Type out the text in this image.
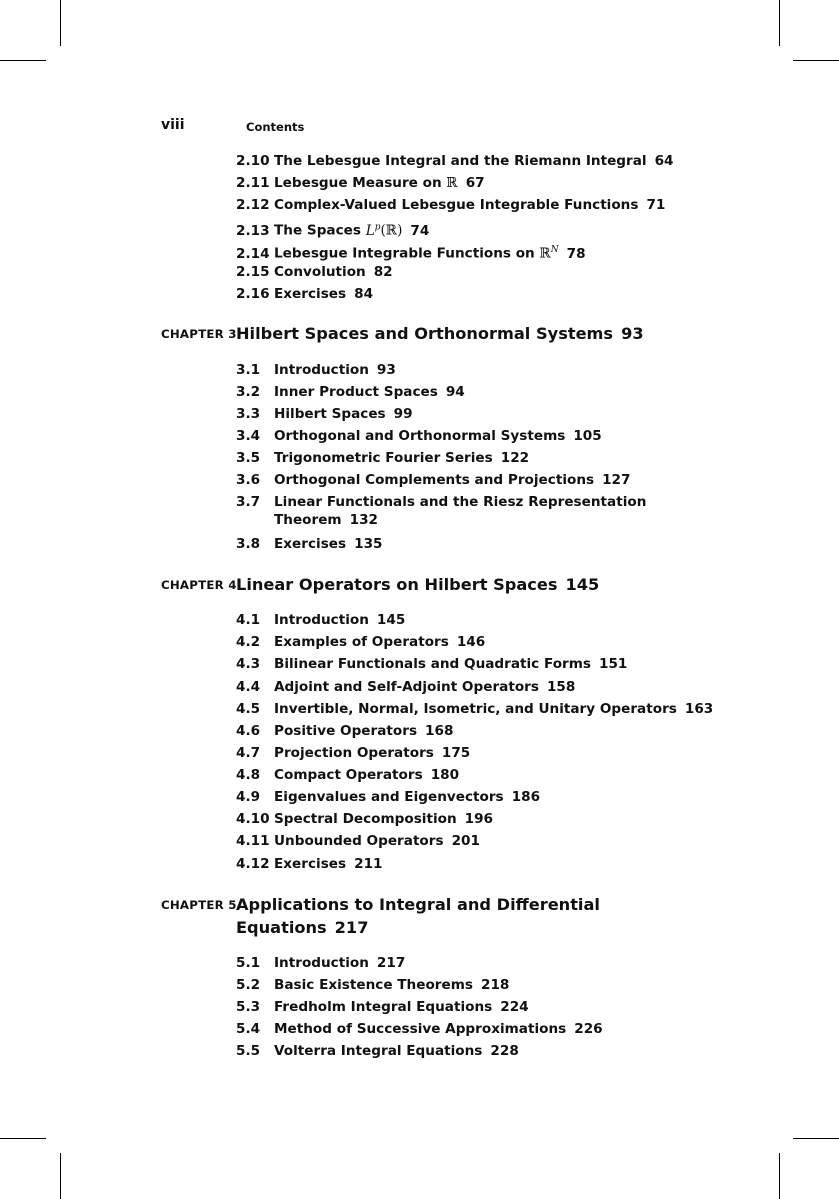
viii	Contents
2.10 The Lebesgue Integral and the Riemann Integral 64
2.11 Lebesgue Measure on ℝ 67
2.12 Complex-Valued Lebesgue Integrable Functions 71
2.13 The Spaces $L^p(ℝ)$ 74
2.14 Lebesgue Integrable Functions on ℝ$^N$ 78
2.15 Convolution 82
2.16 Exercises 84
CHAPTER 3 Hilbert Spaces and Orthonormal Systems 93
3.1 Introduction 93
3.2 Inner Product Spaces 94
3.3 Hilbert Spaces 99
3.4 Orthogonal and Orthonormal Systems 105
3.5 Trigonometric Fourier Series 122
3.6 Orthogonal Complements and Projections 127
3.7 Linear Functionals and the Riesz Representation
Theorem 132
3.8 Exercises 135
CHAPTER 4 Linear Operators on Hilbert Spaces 145
4.1 Introduction 145
4.2 Examples of Operators 146
4.3 Bilinear Functionals and Quadratic Forms 151
4.4 Adjoint and Self-Adjoint Operators 158
4.5 Invertible, Normal, Isometric, and Unitary Operators 163
4.6 Positive Operators 168
4.7 Projection Operators 175
4.8 Compact Operators 180
4.9 Eigenvalues and Eigenvectors 186
4.10 Spectral Decomposition 196
4.11 Unbounded Operators 201
4.12 Exercises 211
CHAPTER 5 Applications to Integral and Differential
Equations 217
5.1 Introduction 217
5.2 Basic Existence Theorems 218
5.3 Fredholm Integral Equations 224
5.4 Method of Successive Approximations 226
5.5 Volterra Integral Equations 228
